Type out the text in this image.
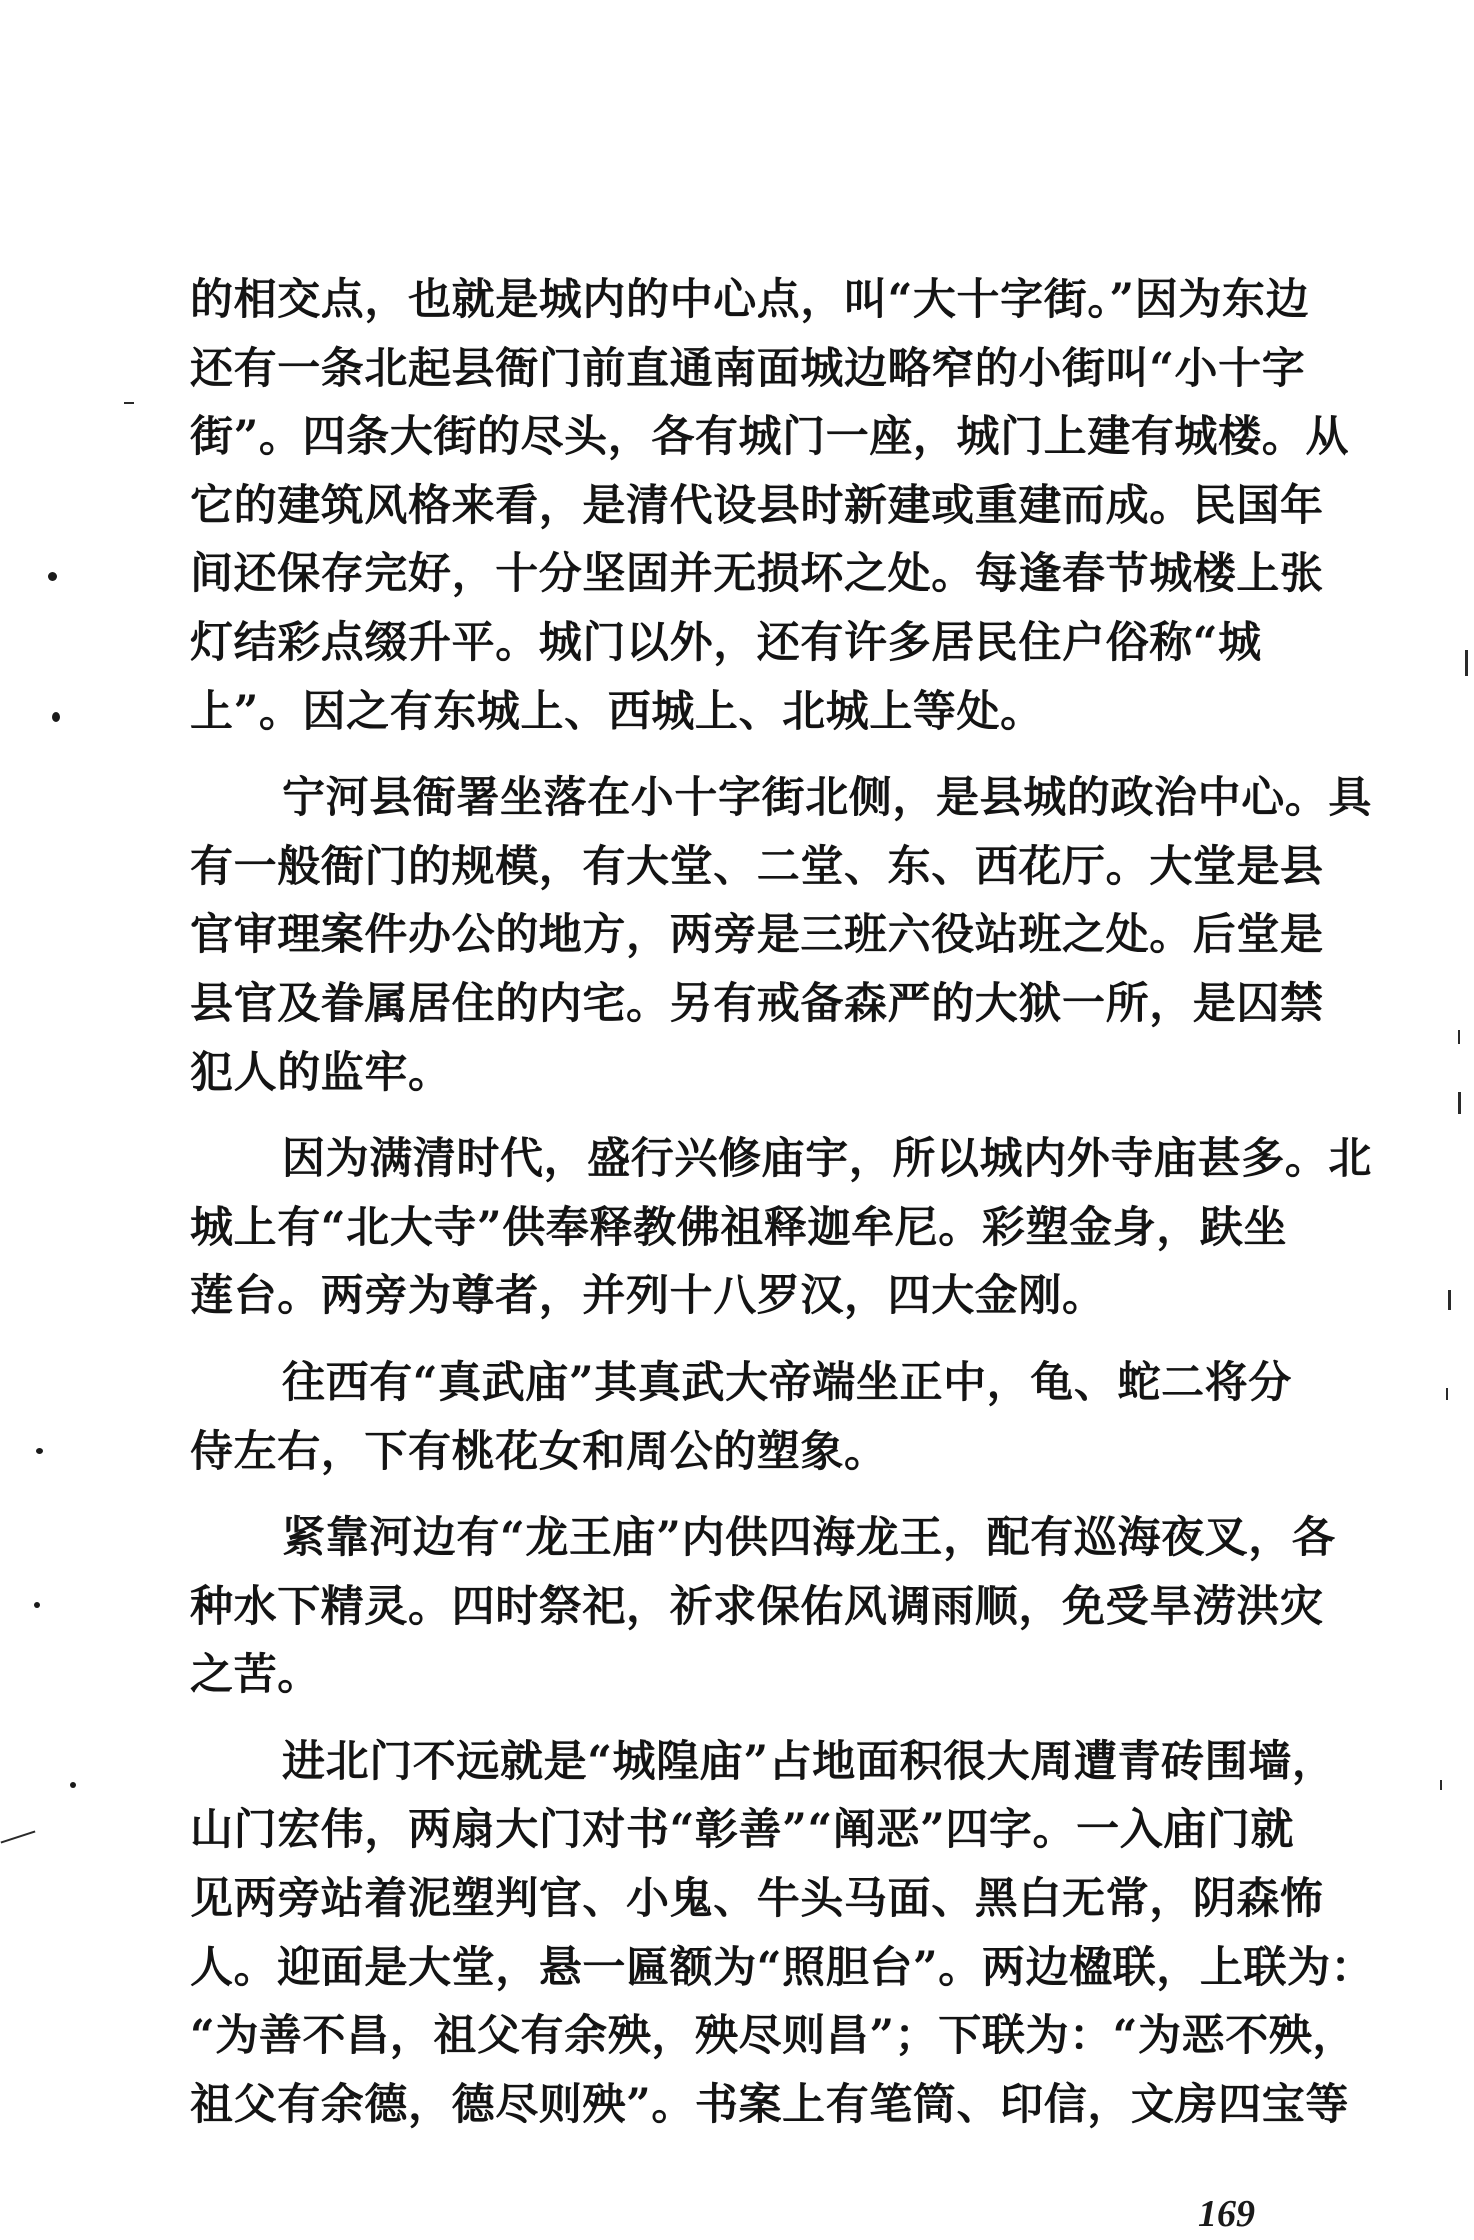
的相交点，也就是城内的中心点，叫“大十字街。”因为东边
还有一条北起县衙门前直通南面城边略窄的小街叫“小十字
街”。四条大街的尽头，各有城门一座，城门上建有城楼。从
它的建筑风格来看，是清代设县时新建或重建而成。民国年
间还保存完好，十分坚固并无损坏之处。每逢春节城楼上张
灯结彩点缀升平。城门以外，还有许多居民住户俗称“城
上”。因之有东城上、西城上、北城上等处。
宁河县衙署坐落在小十字街北侧，是县城的政治中心。具
有一般衙门的规模，有大堂、二堂、东、西花厅。大堂是县
官审理案件办公的地方，两旁是三班六役站班之处。后堂是
县官及眷属居住的内宅。另有戒备森严的大狱一所，是囚禁
犯人的监牢。
因为满清时代，盛行兴修庙宇，所以城内外寺庙甚多。北
城上有“北大寺”供奉释教佛祖释迦牟尼。彩塑金身，趺坐
莲台。两旁为尊者，并列十八罗汉，四大金刚。
往西有“真武庙”其真武大帝端坐正中，龟、蛇二将分
侍左右，下有桃花女和周公的塑象。
紧靠河边有“龙王庙”内供四海龙王，配有巡海夜叉，各
种水下精灵。四时祭祀，祈求保佑风调雨顺，免受旱涝洪灾
之苦。
进北门不远就是“城隍庙”占地面积很大周遭青砖围墙，
山门宏伟，两扇大门对书“彰善”“阐恶”四字。一入庙门就
见两旁站着泥塑判官、小鬼、牛头马面、黑白无常，阴森怖
人。迎面是大堂，悬一匾额为“照胆台”。两边楹联，上联为：
“为善不昌，祖父有余殃，殃尽则昌”；下联为：“为恶不殃，
祖父有余德，德尽则殃”。书案上有笔筒、印信，文房四宝等
169
